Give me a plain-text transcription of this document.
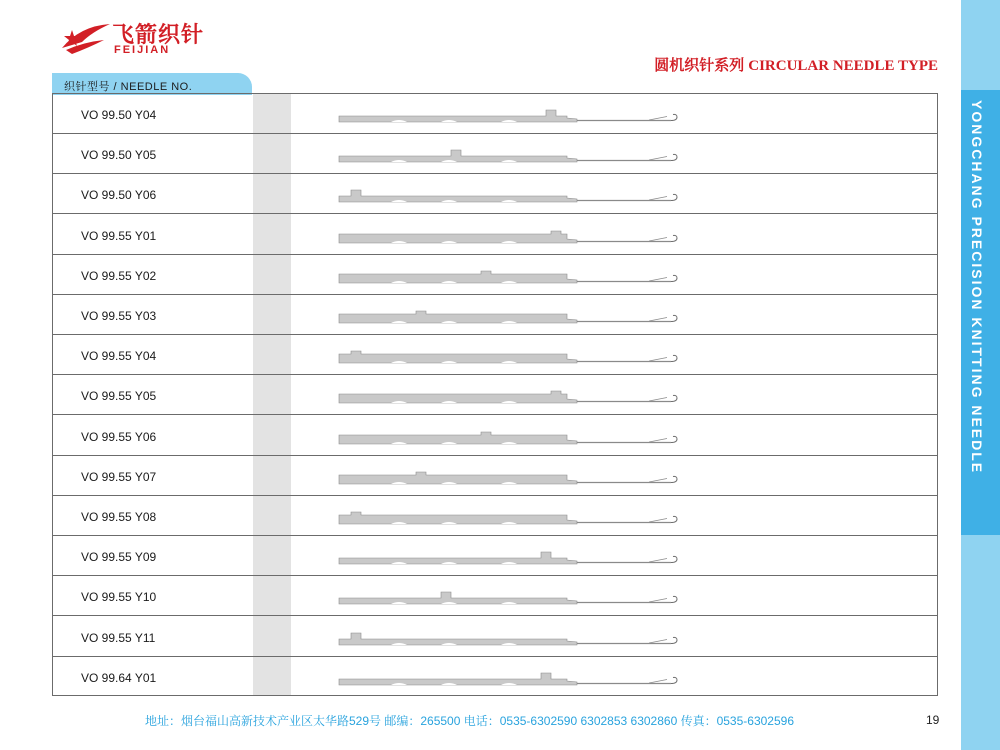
飞箭织针
FEIJIAN
圆机织针系列 CIRCULAR NEEDLE TYPE
织针型号 / NEEDLE NO.
VO 99.50 Y04
VO 99.50 Y05
VO 99.50 Y06
VO 99.55 Y01
VO 99.55 Y02
VO 99.55 Y03
VO 99.55 Y04
VO 99.55 Y05
VO 99.55 Y06
VO 99.55 Y07
VO 99.55 Y08
VO 99.55 Y09
VO 99.55 Y10
VO 99.55 Y11
VO 99.64 Y01
YONGCHANG PRECISION KNITTING NEEDLE
地址：烟台福山高新技术产业区太华路529号 邮编：265500 电话：0535-6302590 6302853 6302860 传真：0535-6302596	19
